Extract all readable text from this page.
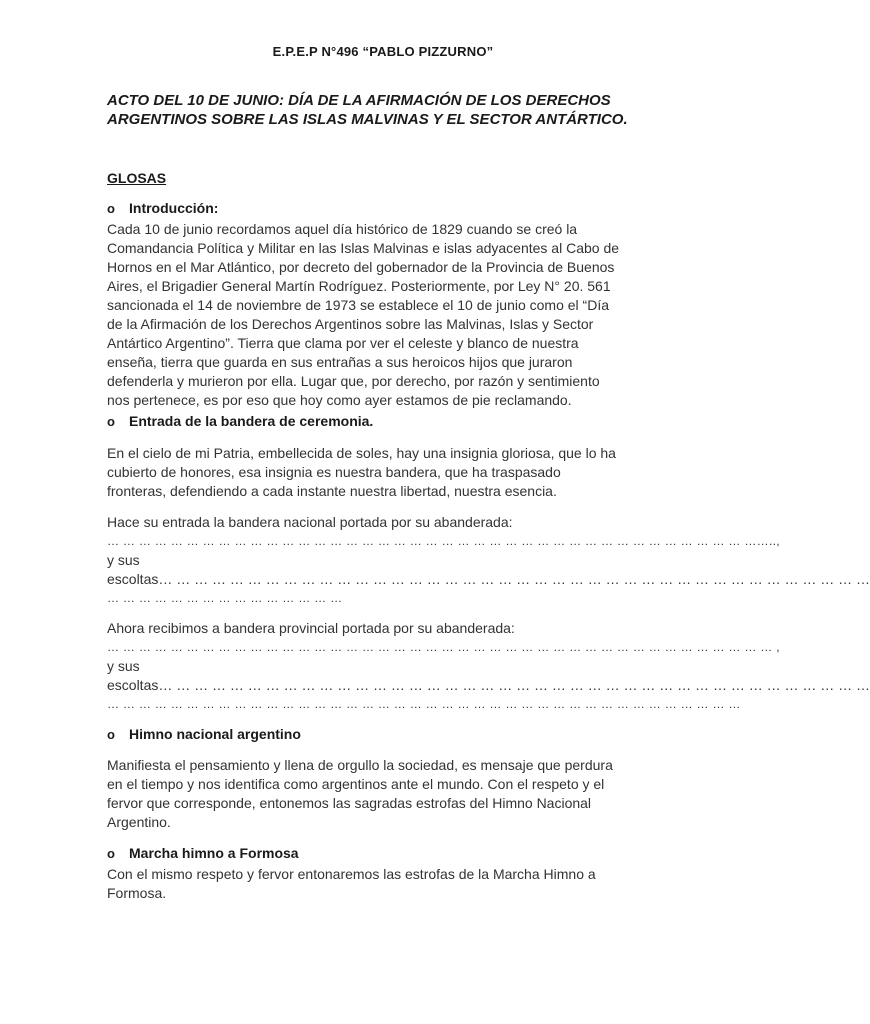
E.P.E.P N°496 “PABLO PIZZURNO”
ACTO DEL 10 DE JUNIO: DÍA DE LA AFIRMACIÓN DE LOS DERECHOS
ARGENTINOS SOBRE LAS ISLAS MALVINAS Y EL SECTOR ANTÁRTICO.
GLOSAS
o	Introducción:
Cada 10 de junio recordamos aquel día histórico de 1829 cuando se creó la
Comandancia Política y Militar en las Islas Malvinas e islas adyacentes al Cabo de
Hornos en el Mar Atlántico, por decreto del gobernador de la Provincia de Buenos
Aires, el Brigadier General Martín Rodríguez. Posteriormente, por Ley N° 20. 561
sancionada el 14 de noviembre de 1973 se establece el 10 de junio como el “Día
de la Afirmación de los Derechos Argentinos sobre las Malvinas, Islas y Sector
Antártico Argentino”. Tierra que clama por ver el celeste y blanco de nuestra
enseña, tierra que guarda en sus entrañas a sus heroicos hijos que juraron
defenderla y murieron por ella. Lugar que, por derecho, por razón y sentimiento
nos pertenece, es por eso que hoy como ayer estamos de pie reclamando.
o	Entrada de la bandera de ceremonia.
En el cielo de mi Patria, embellecida de soles, hay una insignia gloriosa, que lo ha
cubierto de honores, esa insignia es nuestra bandera, que ha traspasado
fronteras, defendiendo a cada instante nuestra libertad, nuestra esencia.
Hace su entrada la bandera nacional portada por su abanderada:
… … … … … … … … … … … … … … … … … … … … … … … … … … … … … … … … … … … … … … … … ……..,
y sus
escoltas… … … … … … … … … … … … … … … … … … … … … … … … … … … … … … … … … … … … … … … …
… … … … … … … … … … … … … … …
Ahora recibimos a bandera provincial portada por su abanderada:
… … … … … … … … … … … … … … … … … … … … … … … … … … … … … … … … … … … … … … … … … … ,
y sus
escoltas… … … … … … … … … … … … … … … … … … … … … … … … … … … … … … … … … … … … … … … …
… … … … … … … … … … … … … … … … … … … … … … … … … … … … … … … … … … … … … … … …
o	Himno nacional argentino
Manifiesta el pensamiento y llena de orgullo la sociedad, es mensaje que perdura
en el tiempo y nos identifica como argentinos ante el mundo. Con el respeto y el
fervor que corresponde, entonemos las sagradas estrofas del Himno Nacional
Argentino.
o	Marcha himno a Formosa
Con el mismo respeto y fervor entonaremos las estrofas de la Marcha Himno a
Formosa.
